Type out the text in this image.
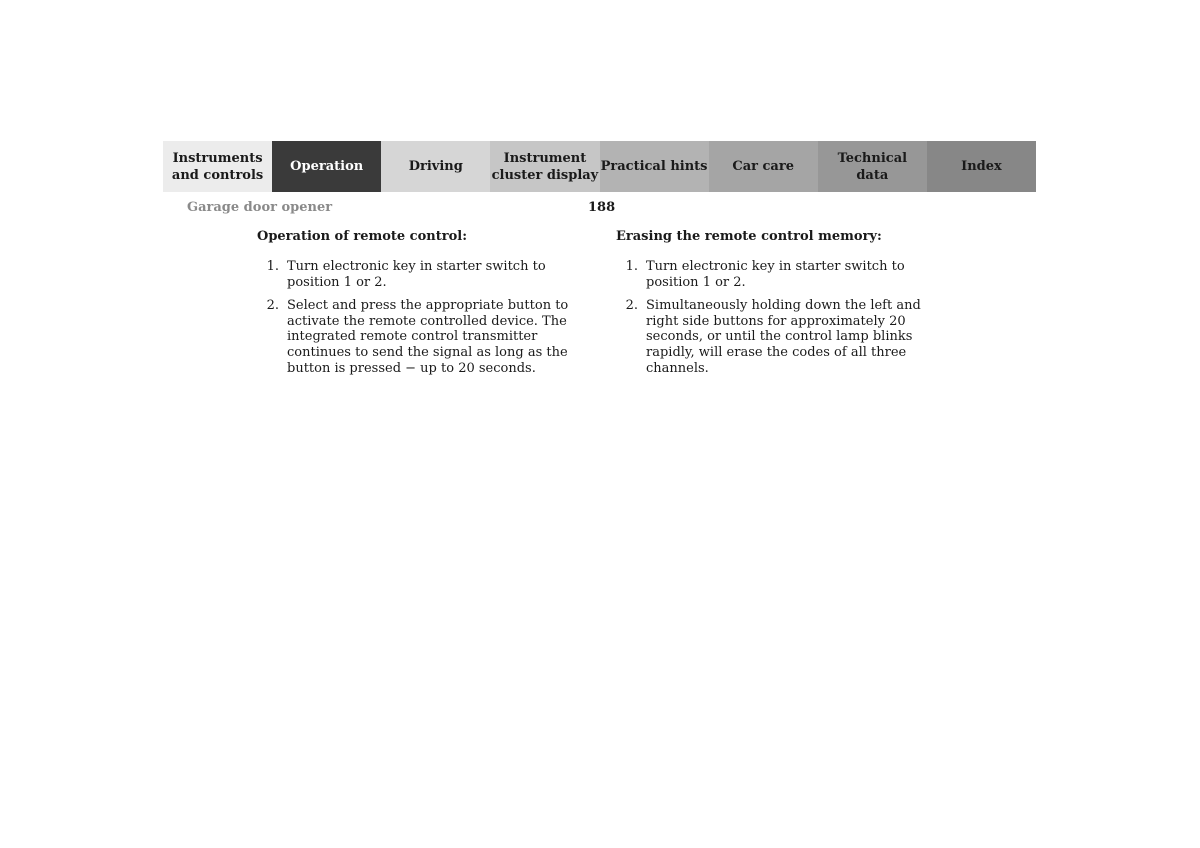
Instruments
and controls
Operation	Driving
Instrument
cluster display
Practical hints	Car care
Technical
data
Index
Garage door opener	188
Operation of remote control:
1. Turn electronic key in starter switch to position 1 or 2.
2. Select and press the appropriate button to activate the remote controlled device. The integrated remote control transmitter continues to send the signal as long as the button is pressed − up to 20 seconds.
Erasing the remote control memory:
1. Turn electronic key in starter switch to position 1 or 2.
2. Simultaneously holding down the left and right side buttons for approximately 20 seconds, or until the control lamp blinks rapidly, will erase the codes of all three channels.
